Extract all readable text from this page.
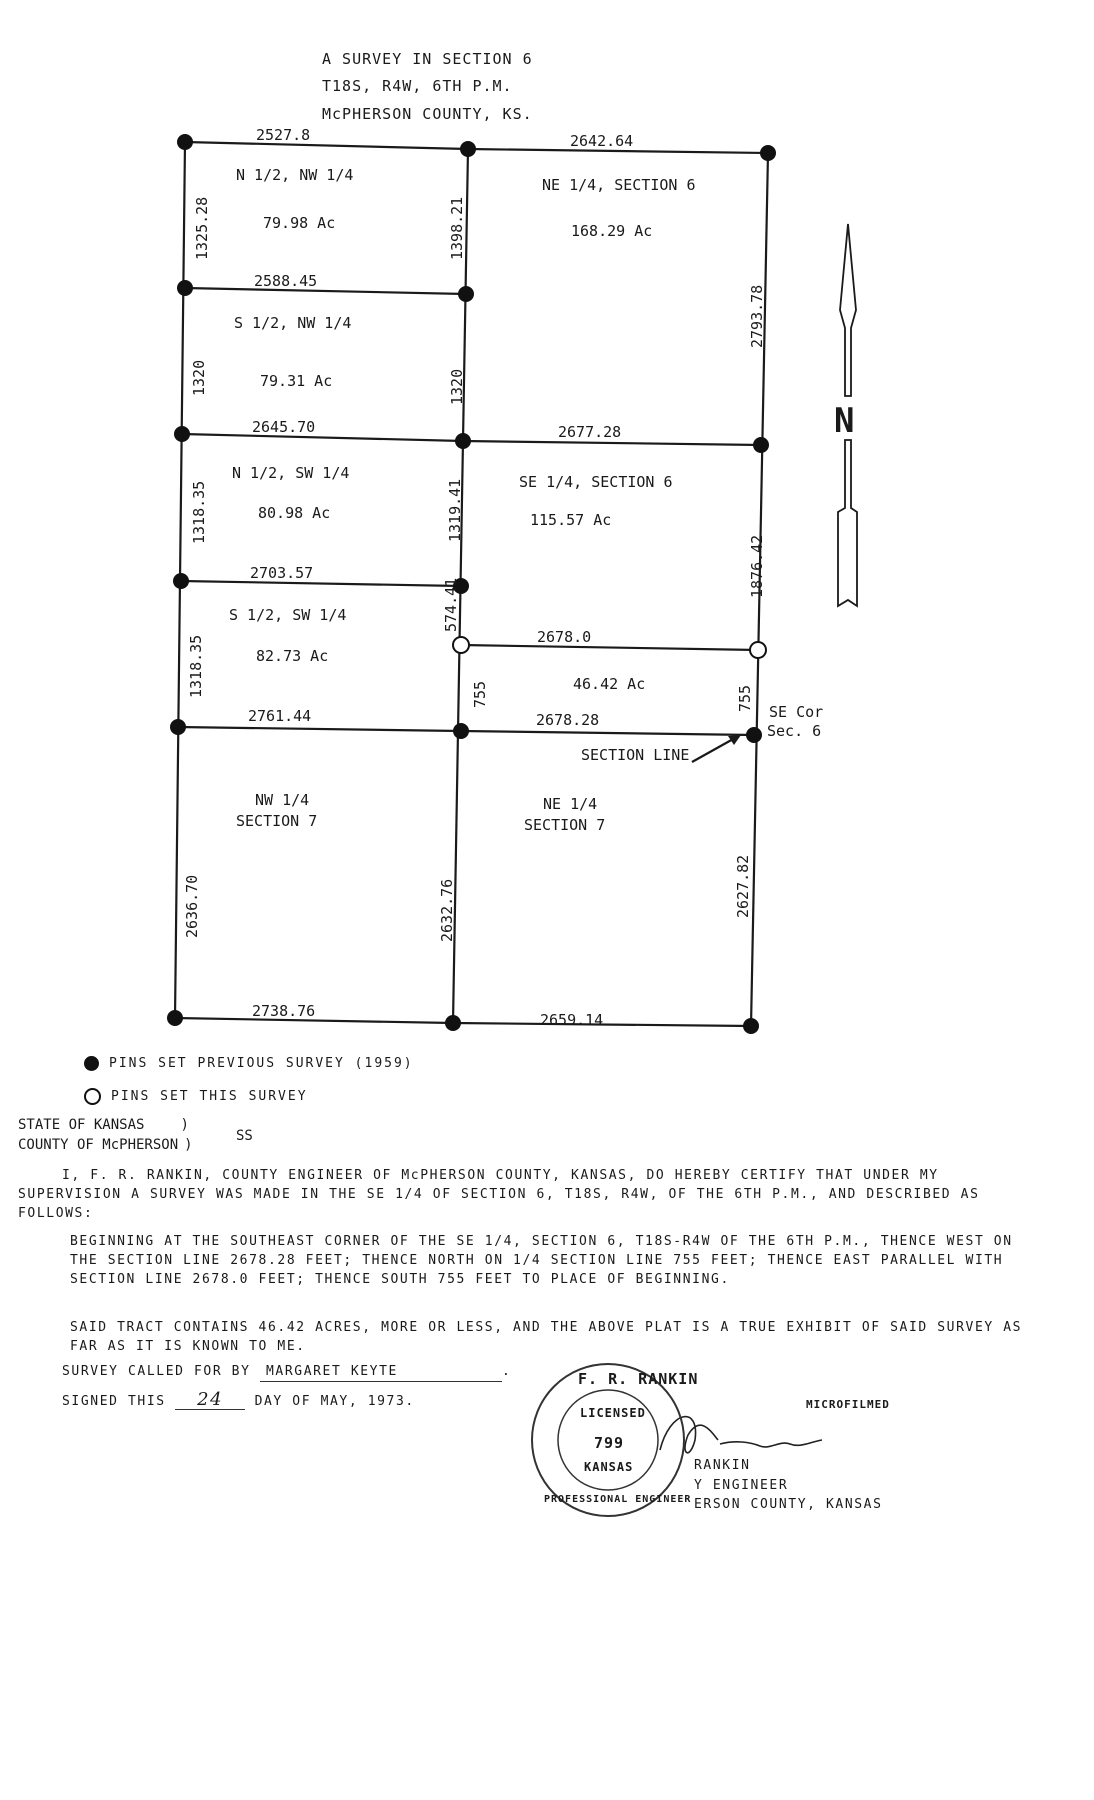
A SURVEY IN SECTION 6
T18S, R4W, 6TH P.M.
McPHERSON COUNTY, KS.
2527.8	2642.64
2588.45
2645.70	2677.28
2703.57
2678.0
2761.44	2678.28
2738.76	2659.14
1325.28
1320
1318.35
1318.35
1398.21
1320
1319.41
574.41
755
2793.78
1876.42
755
2636.70	2632.76	2627.82
N 1/2, NW 1/4
79.98 Ac
S 1/2, NW 1/4
79.31 Ac
N 1/2, SW 1/4
80.98 Ac
S 1/2, SW 1/4
82.73 Ac
NE 1/4, SECTION 6
168.29 Ac
SE 1/4, SECTION 6
115.57 Ac
46.42 Ac
NW 1/4
SECTION 7
NE 1/4
SECTION 7
SE Cor
Sec. 6
SECTION LINE
N
PINS SET PREVIOUS SURVEY (1959)
PINS SET THIS SURVEY
STATE OF KANSAS	)
COUNTY OF McPHERSON )
SS
I, F. R. RANKIN, COUNTY ENGINEER OF McPHERSON COUNTY, KANSAS, DO HEREBY CERTIFY THAT UNDER MY SUPERVISION A SURVEY WAS MADE IN THE SE 1/4 OF SECTION 6, T18S, R4W, OF THE 6TH P.M., AND DESCRIBED AS FOLLOWS:
BEGINNING AT THE SOUTHEAST CORNER OF THE SE 1/4, SECTION 6, T18S-R4W OF THE 6TH P.M., THENCE WEST ON THE SECTION LINE 2678.28 FEET; THENCE NORTH ON 1/4 SECTION LINE 755 FEET; THENCE EAST PARALLEL WITH SECTION LINE 2678.0 FEET; THENCE SOUTH 755 FEET TO PLACE OF BEGINNING.
SAID TRACT CONTAINS 46.42 ACRES, MORE OR LESS, AND THE ABOVE PLAT IS A TRUE EXHIBIT OF SAID SURVEY AS FAR AS IT IS KNOWN TO ME.
SURVEY CALLED FOR BY MARGARET KEYTE	.
SIGNED THIS 24 DAY OF MAY, 1973.
RANKIN
Y ENGINEER
ERSON COUNTY, KANSAS
F. R. RANKIN
LICENSED
799
KANSAS
PROFESSIONAL ENGINEER
MICROFILMED
